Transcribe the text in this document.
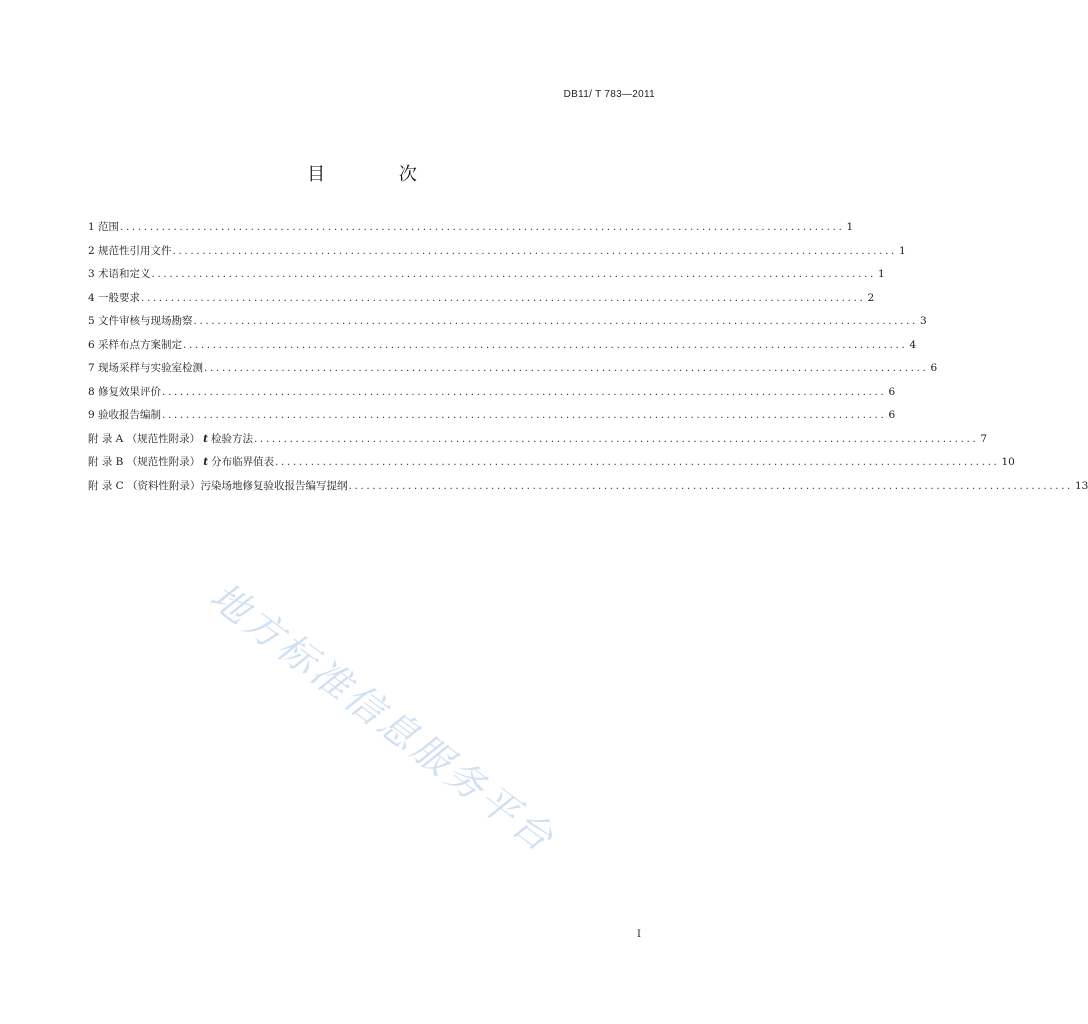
DB11/ T 783—2011
目 次
1 范围 .......................................................................................................................... 1
2 规范性引用文件 .......................................................................................................................... 1
3 术语和定义 .......................................................................................................................... 1
4 一般要求 .......................................................................................................................... 2
5 文件审核与现场勘察 .......................................................................................................................... 3
6 采样布点方案制定 .......................................................................................................................... 4
7 现场采样与实验室检测 .......................................................................................................................... 6
8 修复效果评价 .......................................................................................................................... 6
9 验收报告编制 .......................................................................................................................... 6
附 录 A （规范性附录） t 检验方法 .......................................................................................................................... 7
附 录 B （规范性附录） t 分布临界值表 .......................................................................................................................... 10
附 录 C （资料性附录） 污染场地修复验收报告编写提纲 .......................................................................................................................... 13
地方标准信息服务平台
I
